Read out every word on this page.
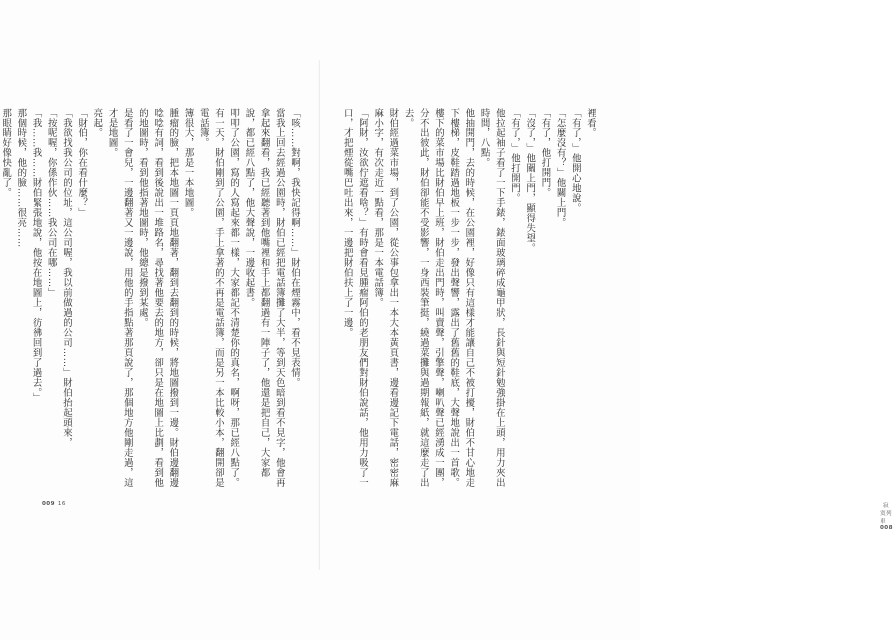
「咳……對啊，我快記得啊……」財伯在煙霧中，看不見表情。

當我上回去經過公園時，財伯已經把電話簿攤了大半，等到天色暗到看不見字，他會再拿起來翻看，我已經聽著到他嘴裡和手上都翻過有一陣子了，他還是把自己，大家都說，都已經八點了，他大聲說，一邊收起書。

叩叩了公園，寫的人寫起來都一樣，大家都記不清楚你的真名，啊呀，那已經八點了。

有一天，財伯剛到了公園，手上拿著的不再是電話簿，而是另一本比較小本，翻開卻是電話簿。

簿很大，那是一本地圖。

腫瘤的臉，把本地圖一頁頁地翻著，翻到去翻到的時候，將地圖撥到一邊。財伯邊翻邊唸唸有詞，看到後說出一堆路名，尋找著他要去的地方，卻只是在地圖上比劃，看到他的地圖時，看到他指著地圖時，他總是撥到某處。

是看了一會兒，一邊翻著又一邊說，用他的手指點著那頁說了，那個地方他剛走過，這才是地圖。

亮起。

「財伯，你在看什麼？」

「我欲找我公司的位址，這公司喔，我以前做過的公司……」財伯抬起頭來，

「按呢喔，你係作伙……我公司在哪……」

「我……我……財伯緊張地說，他按在地圖上，彷彿回到了過去。」

那個時候，他的臉……很亮……

那眼睛好像快亂了。

009 16	寂寞列車008

裡看。

「有了，」他開心地說。

「怎麼沒有？」他關上門。

「有了，他打開門。

「沒了，」他關上門，顯得失望。

「有了，」他打開門。

他拉起袖子看了一下手錶，錶面玻璃碎成龜甲狀，長針與短針勉強掛在上頭，用力夾出時間，八點。

他抽開門，去的時候，在公園裡，好像只有這樣才能讓自己不被打擾，財伯不甘心地走下樓梯，皮鞋踏過地板一步一步，發出聲響，露出了舊舊的鞋底，大聲地說出一首歌。

樓下的菜市場比財伯早上班，財伯走出門時，叫賣聲，引擎聲，喇叭聲已經湧成一團，分不出彼此，財伯卻能不受影響，一身西裝筆挺，繞過菜攤與過期報紙，就這麼走了出去。

財伯經過菜市場，到了公園，從公事包拿出一本大本黃頁書，邊看邊記下電話，密密麻麻小字，有次走近一點看，那是一本電話簿。

「阿財，汝欲佇遮看啥？」有時會看見腫瘤阿伯的老朋友們對財伯說話，他用力吸了一口，才把煙從嘴巴吐出來，一邊把財伯扶上了一邊。
